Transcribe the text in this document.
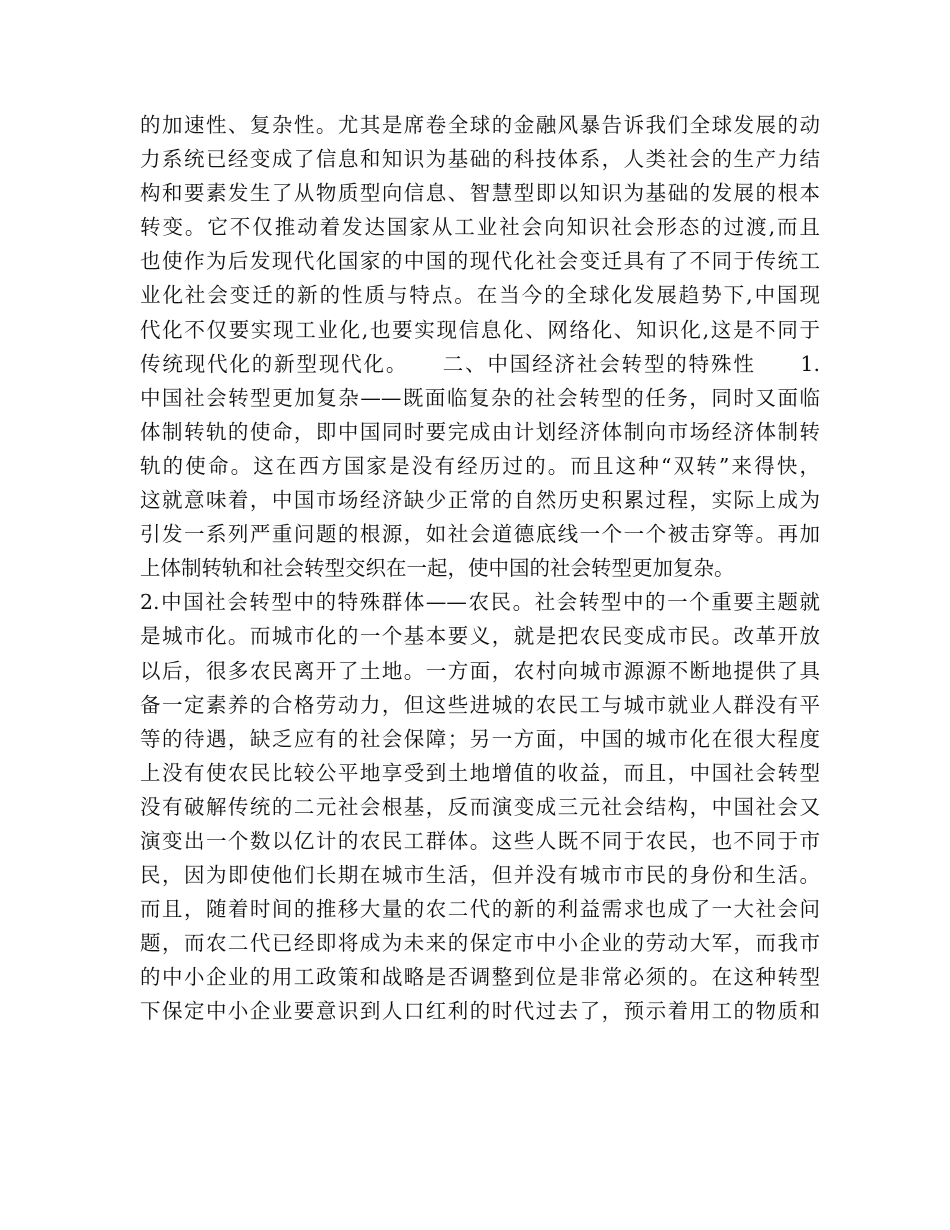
的加速性、复杂性。尤其是席卷全球的金融风暴告诉我们全球发展的动
力系统已经变成了信息和知识为基础的科技体系，人类社会的生产力结
构和要素发生了从物质型向信息、智慧型即以知识为基础的发展的根本
转变。它不仅推动着发达国家从工业社会向知识社会形态的过渡,而且
也使作为后发现代化国家的中国的现代化社会变迁具有了不同于传统工
业化社会变迁的新的性质与特点。在当今的全球化发展趋势下,中国现
代化不仅要实现工业化,也要实现信息化、网络化、知识化,这是不同于
传统现代化的新型现代化。　　二、中国经济社会转型的特殊性　　1.
中国社会转型更加复杂——既面临复杂的社会转型的任务，同时又面临
体制转轨的使命，即中国同时要完成由计划经济体制向市场经济体制转
轨的使命。这在西方国家是没有经历过的。而且这种“双转”来得快，
这就意味着，中国市场经济缺少正常的自然历史积累过程，实际上成为
引发一系列严重问题的根源，如社会道德底线一个一个被击穿等。再加
上体制转轨和社会转型交织在一起，使中国的社会转型更加复杂。
2.中国社会转型中的特殊群体——农民。社会转型中的一个重要主题就
是城市化。而城市化的一个基本要义，就是把农民变成市民。改革开放
以后，很多农民离开了土地。一方面，农村向城市源源不断地提供了具
备一定素养的合格劳动力，但这些进城的农民工与城市就业人群没有平
等的待遇，缺乏应有的社会保障；另一方面，中国的城市化在很大程度
上没有使农民比较公平地享受到土地增值的收益，而且，中国社会转型
没有破解传统的二元社会根基，反而演变成三元社会结构，中国社会又
演变出一个数以亿计的农民工群体。这些人既不同于农民，也不同于市
民，因为即使他们长期在城市生活，但并没有城市市民的身份和生活。
而且，随着时间的推移大量的农二代的新的利益需求也成了一大社会问
题，而农二代已经即将成为未来的保定市中小企业的劳动大军，而我市
的中小企业的用工政策和战略是否调整到位是非常必须的。在这种转型
下保定中小企业要意识到人口红利的时代过去了，预示着用工的物质和
